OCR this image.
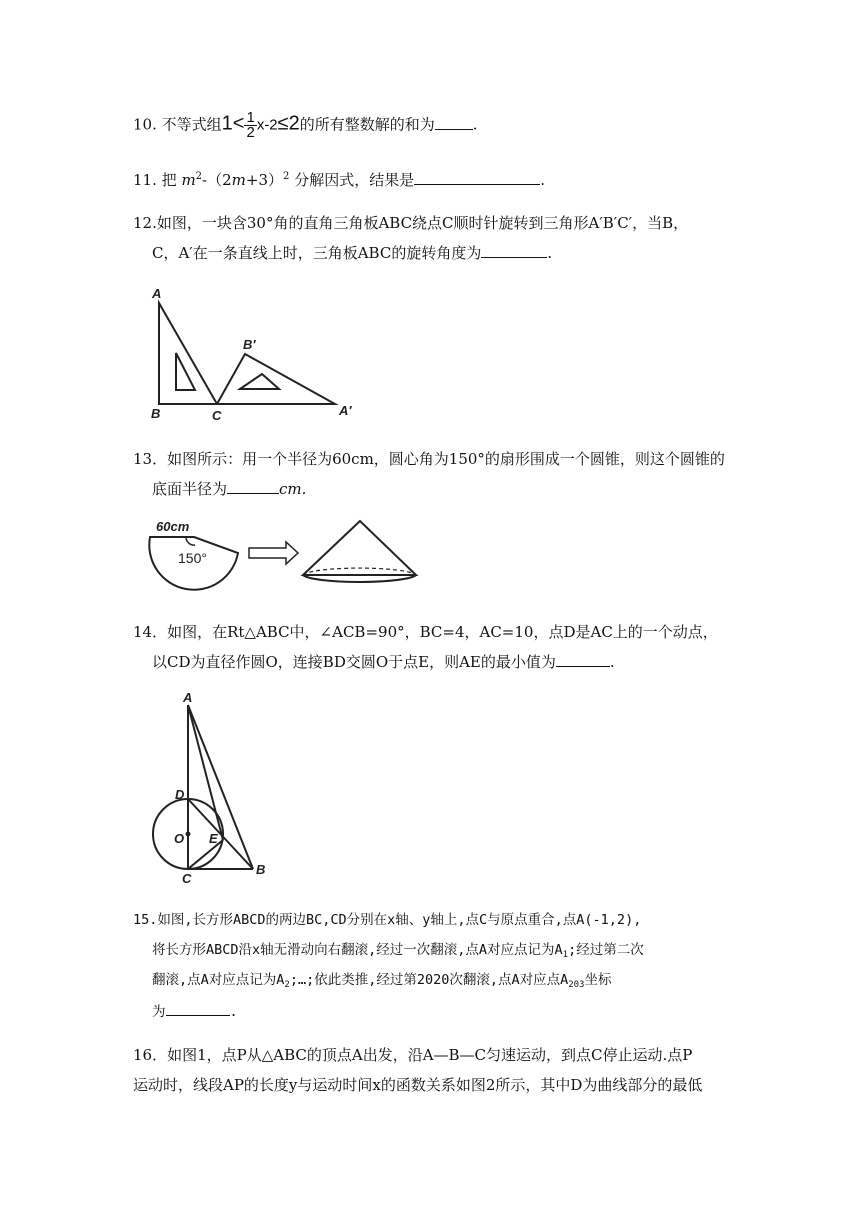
10. 不等式组$1< \frac{1}{2} x-2\le 2$的所有整数解的和为	.
11. 把 $m^2-(2m+3)^2$ 分解因式，结果是	.
12.如图，一块含30°角的直角三角板ABC绕点C顺时针旋转到三角形A′B′C′，当B，
C，A′在一条直线上时，三角板ABC的旋转角度为	.
A
B	C
B′
A′
13．如图所示：用一个半径为60cm，圆心角为150°的扇形围成一个圆锥，则这个圆锥的
底面半径为	cm.
60cm
150°
14．如图，在Rt△ABC中，∠ACB=90°，BC=4，AC=10，点D是AC上的一个动点，
以CD为直径作圆O，连接BD交圆O于点E，则AE的最小值为	.
A
D
O E
C
B
15.如图,长方形ABCD的两边BC,CD分别在x轴、y轴上,点C与原点重合,点A(-1,2),
将长方形ABCD沿x轴无滑动向右翻滚,经过一次翻滚,点A对应点记为$A_1$;经过第二次
翻滚,点A对应点记为$A_2;\dots$;依此类推,经过第2020次翻滚,点A对应点$A_{203}$坐标
为	.
16．如图1，点P从△ABC的顶点A出发，沿A—B—C匀速运动，到点C停止运动.点P
运动时，线段AP的长度y与运动时间x的函数关系如图2所示，其中D为曲线部分的最低
